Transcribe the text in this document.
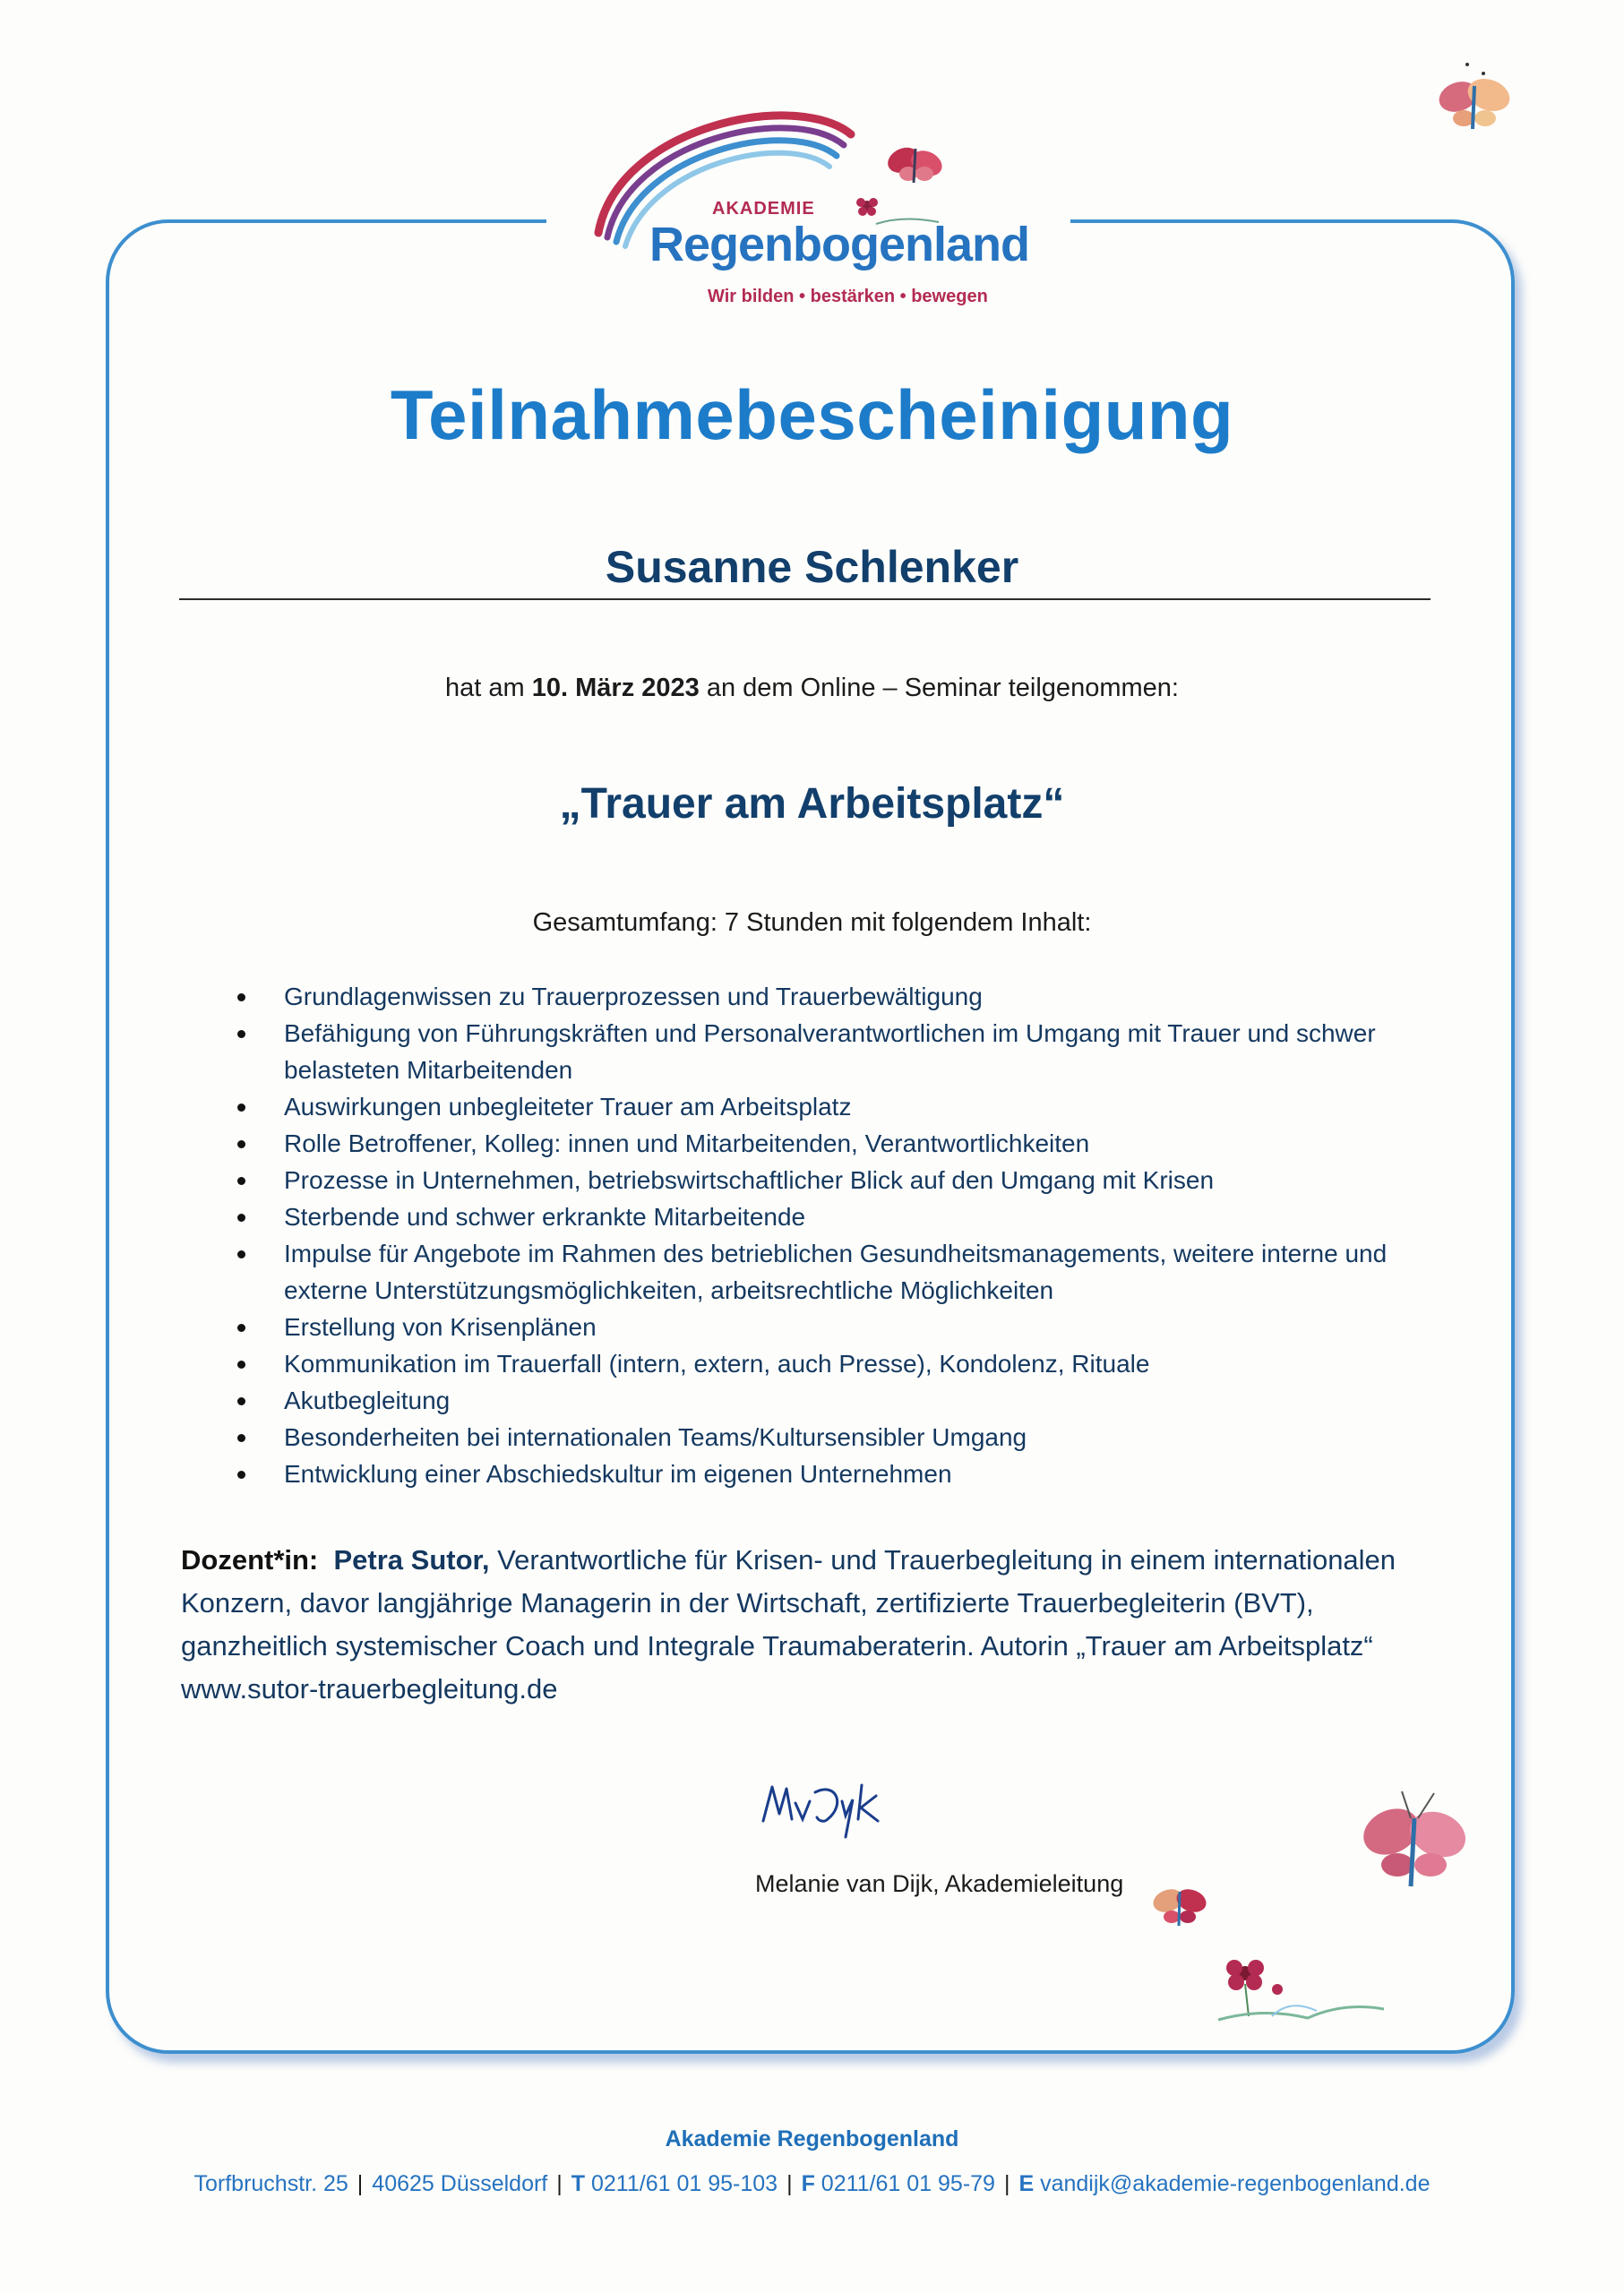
AKADEMIE
Regenbogenland
Wir bilden • bestärken • bewegen
Teilnahmebescheinigung
Susanne Schlenker
hat am 10. März 2023 an dem Online – Seminar teilgenommen:
„Trauer am Arbeitsplatz“
Gesamtumfang: 7 Stunden mit folgendem Inhalt:
Grundlagenwissen zu Trauerprozessen und Trauerbewältigung
Befähigung von Führungskräften und Personalverantwortlichen im Umgang mit Trauer und schwer belasteten Mitarbeitenden
Auswirkungen unbegleiteter Trauer am Arbeitsplatz
Rolle Betroffener, Kolleg: innen und Mitarbeitenden, Verantwortlichkeiten
Prozesse in Unternehmen, betriebswirtschaftlicher Blick auf den Umgang mit Krisen
Sterbende und schwer erkrankte Mitarbeitende
Impulse für Angebote im Rahmen des betrieblichen Gesundheitsmanagements, weitere interne und externe Unterstützungsmöglichkeiten, arbeitsrechtliche Möglichkeiten
Erstellung von Krisenplänen
Kommunikation im Trauerfall (intern, extern, auch Presse), Kondolenz, Rituale
Akutbegleitung
Besonderheiten bei internationalen Teams/Kultursensibler Umgang
Entwicklung einer Abschiedskultur im eigenen Unternehmen
Dozent*in: Petra Sutor, Verantwortliche für Krisen- und Trauerbegleitung in einem internationalen Konzern, davor langjährige Managerin in der Wirtschaft, zertifizierte Trauerbegleiterin (BVT), ganzheitlich systemischer Coach und Integrale Traumaberaterin. Autorin „Trauer am Arbeitsplatz“ www.sutor-trauerbegleitung.de
Melanie van Dijk, Akademieleitung
Akademie Regenbogenland
Torfbruchstr. 25 | 40625 Düsseldorf | T 0211/61 01 95-103 | F 0211/61 01 95-79 | E vandijk@akademie-regenbogenland.de
